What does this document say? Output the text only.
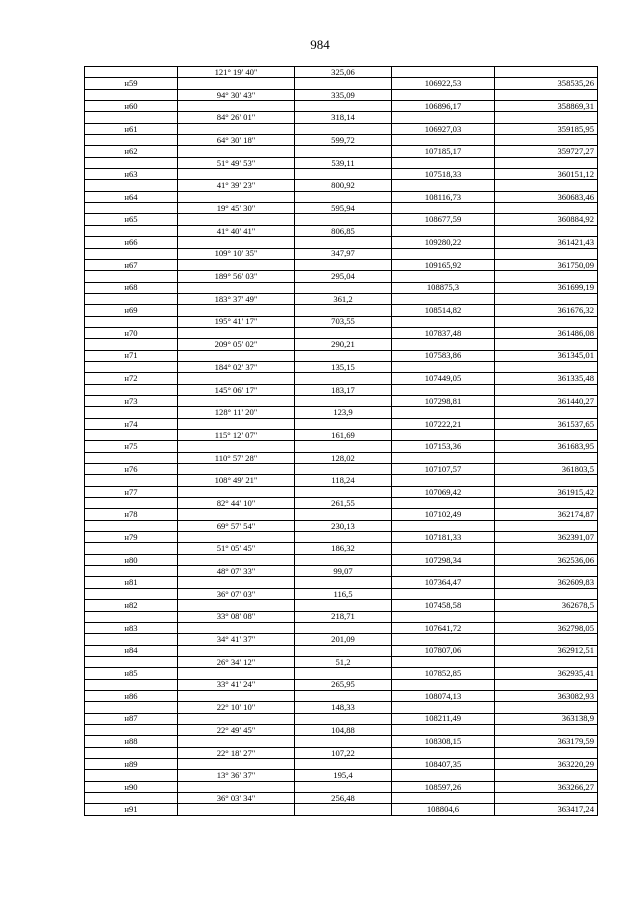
984
	121° 19' 40"	325,06		
н59			106922,53	358535,26
	94° 30' 43"	335,09		
н60			106896,17	358869,31
	84° 26' 01"	318,14		
н61			106927,03	359185,95
	64° 30' 18"	599,72		
н62			107185,17	359727,27
	51° 49' 53"	539,11		
н63			107518,33	360151,12
	41° 39' 23"	800,92		
н64			108116,73	360683,46
	19° 45' 30"	595,94		
н65			108677,59	360884,92
	41° 40' 41"	806,85		
н66			109280,22	361421,43
	109° 10' 35"	347,97		
н67			109165,92	361750,09
	189° 56' 03"	295,04		
н68			108875,3	361699,19
	183° 37' 49"	361,2		
н69			108514,82	361676,32
	195° 41' 17"	703,55		
н70			107837,48	361486,08
	209° 05' 02"	290,21		
н71			107583,86	361345,01
	184° 02' 37"	135,15		
н72			107449,05	361335,48
	145° 06' 17"	183,17		
н73			107298,81	361440,27
	128° 11' 20"	123,9		
н74			107222,21	361537,65
	115° 12' 07"	161,69		
н75			107153,36	361683,95
	110° 57' 28"	128,02		
н76			107107,57	361803,5
	108° 49' 21"	118,24		
н77			107069,42	361915,42
	82° 44' 10"	261,55		
н78			107102,49	362174,87
	69° 57' 54"	230,13		
н79			107181,33	362391,07
	51° 05' 45"	186,32		
н80			107298,34	362536,06
	48° 07' 33"	99,07		
н81			107364,47	362609,83
	36° 07' 03"	116,5		
н82			107458,58	362678,5
	33° 08' 08"	218,71		
н83			107641,72	362798,05
	34° 41' 37"	201,09		
н84			107807,06	362912,51
	26° 34' 12"	51,2		
н85			107852,85	362935,41
	33° 41' 24"	265,95		
н86			108074,13	363082,93
	22° 10' 10"	148,33		
н87			108211,49	363138,9
	22° 49' 45"	104,88		
н88			108308,15	363179,59
	22° 18' 27"	107,22		
н89			108407,35	363220,29
	13° 36' 37"	195,4		
н90			108597,26	363266,27
	36° 03' 34"	256,48		
н91			108804,6	363417,24
